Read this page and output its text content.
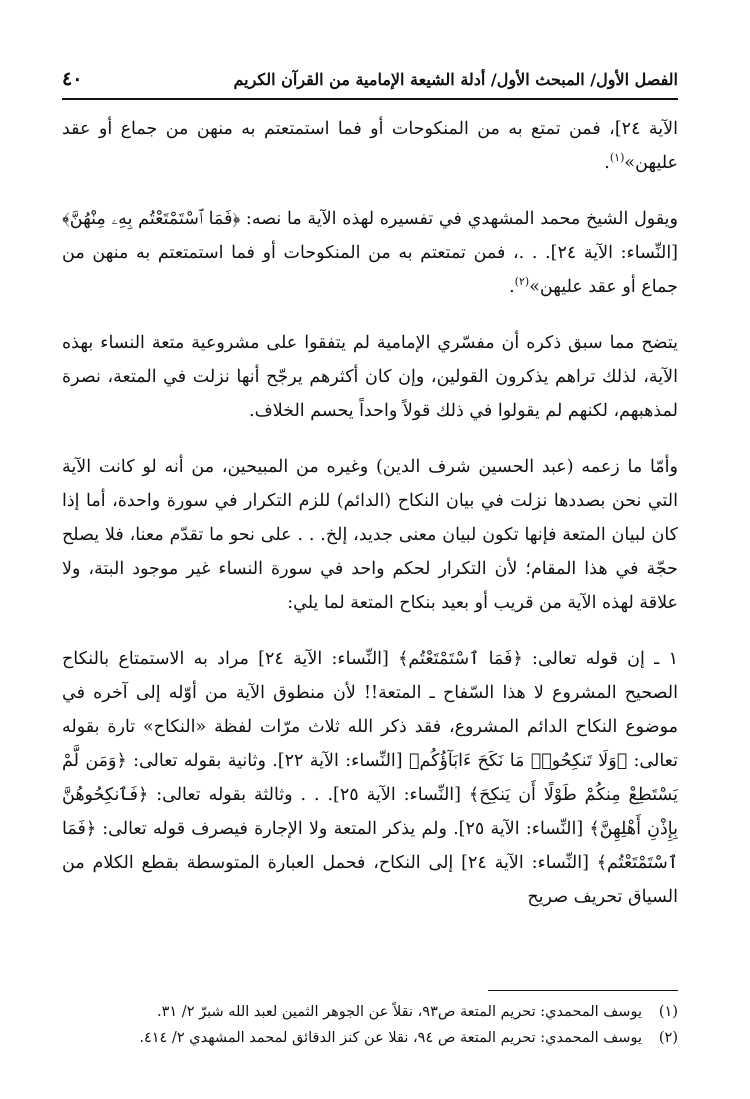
الفصل الأول/ المبحث الأول/ أدلة الشيعة الإمامية من القرآن الكريم
٤٠

الآية ٢٤]، فمن تمتع به من المنكوحات أو فما استمتعتم به منهن من جماع أو عقد عليهن»$^{(١)}$.

ويقول الشيخ محمد المشهدي في تفسيره لهذه الآية ما نصه: ﴿فَمَا ٱسْتَمْتَعْتُم بِهِۦ مِنْهُنَّ﴾ [النِّساء: الآية ٢٤]. . .، فمن تمتعتم به من المنكوحات أو فما استمتعتم به منهن من جماع أو عقد عليهن»$^{(٢)}$.

يتضح مما سبق ذكره أن مفسّري الإمامية لم يتفقوا على مشروعية متعة النساء بهذه الآية، لذلك تراهم يذكرون القولين، وإن كان أكثرهم يرجّح أنها نزلت في المتعة، نصرة لمذهبهم، لكنهم لم يقولوا في ذلك قولاً واحداً يحسم الخلاف.

وأمّا ما زعمه (عبد الحسين شرف الدين) وغيره من المبيحين، من أنه لو كانت الآية التي نحن بصددها نزلت في بيان النكاح (الدائم) للزم التكرار في سورة واحدة، أما إذا كان لبيان المتعة فإنها تكون لبيان معنى جديد، إلخ. . . على نحو ما تقدّم معنا، فلا يصلح حجّة في هذا المقام؛ لأن التكرار لحكم واحد في سورة النساء غير موجود البتة، ولا علاقة لهذه الآية من قريب أو بعيد بنكاح المتعة لما يلي:

١ ـ إن قوله تعالى: ﴿فَمَا ٱسْتَمْتَعْتُم﴾ [النِّساء: الآية ٢٤] مراد به الاستمتاع بالنكاح الصحيح المشروع لا هذا السّفاح ـ المتعة!! لأن منطوق الآية من أوّله إلى آخره في موضوع النكاح الدائم المشروع، فقد ذكر الله ثلاث مرّات لفظة «النكاح» تارة بقوله تعالى: ﴿وَلَا تَنكِحُوا۟ مَا نَكَحَ ءَابَآؤُكُم﴾ [النِّساء: الآية ٢٢]. وثانية بقوله تعالى: ﴿وَمَن لَّمْ يَسْتَطِعْ مِنكُمْ طَوْلًا أَن يَنكِحَ﴾ [النِّساء: الآية ٢٥]. . . وثالثة بقوله تعالى: ﴿فَٱنكِحُوهُنَّ بِإِذْنِ أَهْلِهِنَّ﴾ [النِّساء: الآية ٢٥]. ولم يذكر المتعة ولا الإجارة فيصرف قوله تعالى: ﴿فَمَا ٱسْتَمْتَعْتُم﴾ [النِّساء: الآية ٢٤] إلى النكاح، فحمل العبارة المتوسطة بقطع الكلام من السياق تحريف صريح

(١)
يوسف المحمدي: تحريم المتعة ص٩٣، نقلاً عن الجوهر الثمين لعبد الله شبرّ ٢/ ٣١.
(٢)
يوسف المحمدي: تحريم المتعة ص ٩٤، نقلا عن كنز الدقائق لمحمد المشهدي ٢/ ٤١٤.
